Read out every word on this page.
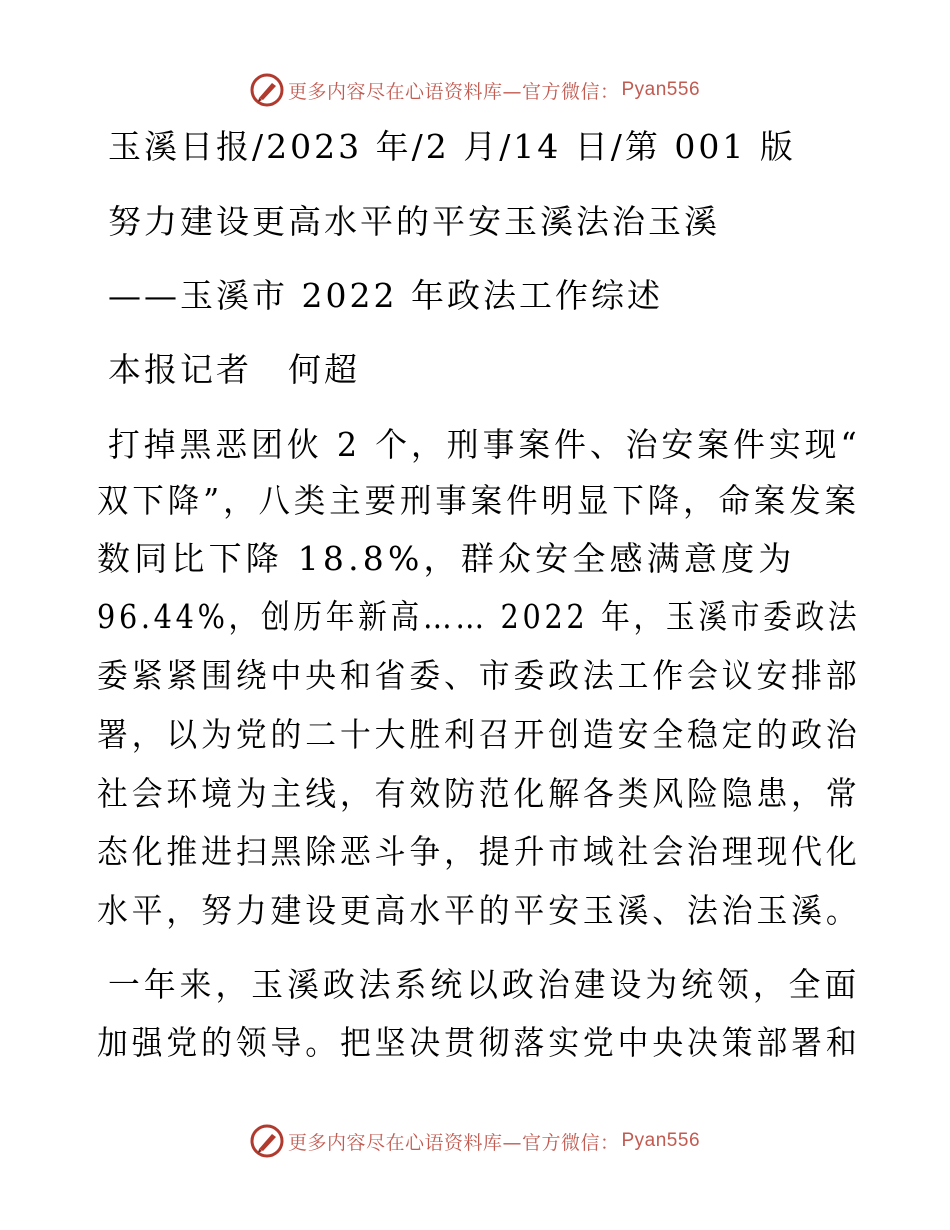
更多内容尽在心语资料库—官方微信： Pyan556
玉溪日报/2023 年/2 月/14 日/第 001 版
努力建设更高水平的平安玉溪法治玉溪
——玉溪市 2022 年政法工作综述
本报记者　何超
打掉黑恶团伙 2 个，刑事案件、治安案件实现“
双下降”，八类主要刑事案件明显下降，命案发案
数同比下降 18.8%，群众安全感满意度为
96.44%，创历年新高…… 2022 年，玉溪市委政法
委紧紧围绕中央和省委、市委政法工作会议安排部
署，以为党的二十大胜利召开创造安全稳定的政治
社会环境为主线，有效防范化解各类风险隐患，常
态化推进扫黑除恶斗争，提升市域社会治理现代化
水平，努力建设更高水平的平安玉溪、法治玉溪。
一年来，玉溪政法系统以政治建设为统领，全面
加强党的领导。把坚决贯彻落实党中央决策部署和
更多内容尽在心语资料库—官方微信： Pyan556
